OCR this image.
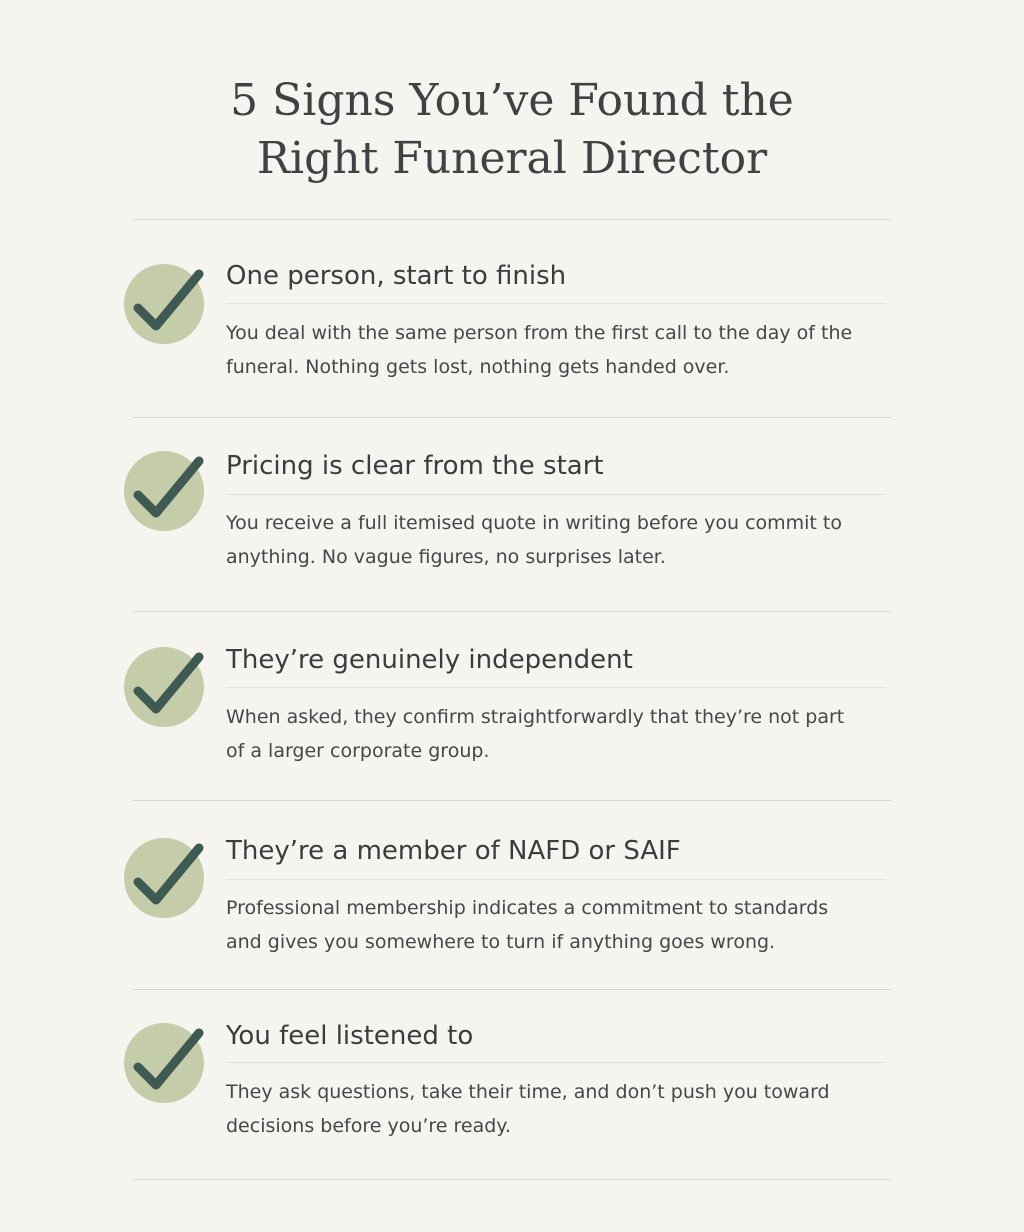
5 Signs You’ve Found the
Right Funeral Director
One person, start to finish

You deal with the same person from the first call to the day of the funeral. Nothing gets lost, nothing gets handed over.

Pricing is clear from the start

You receive a full itemised quote in writing before you commit to anything. No vague figures, no surprises later.

They’re genuinely independent

When asked, they confirm straightforwardly that they’re not part of a larger corporate group.

They’re a member of NAFD or SAIF

Professional membership indicates a commitment to standards and gives you somewhere to turn if anything goes wrong.

You feel listened to

They ask questions, take their time, and don’t push you toward decisions before you’re ready.
